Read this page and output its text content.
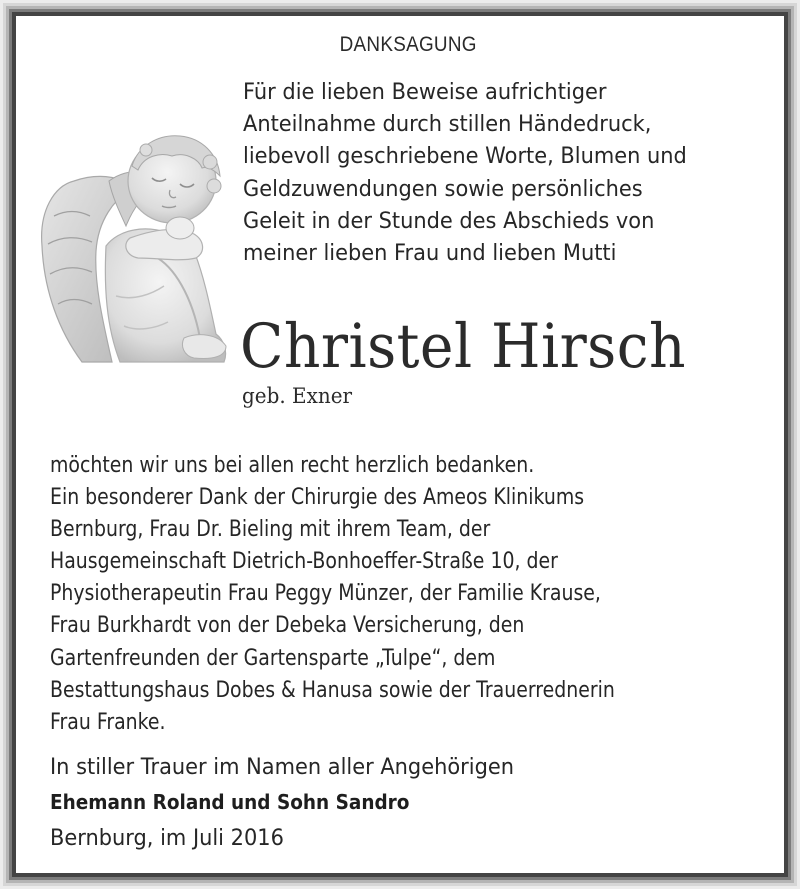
DANKSAGUNG
Für die lieben Beweise aufrichtiger
Anteilnahme durch stillen Händedruck,
liebevoll geschriebene Worte, Blumen und
Geldzuwendungen sowie persönliches
Geleit in der Stunde des Abschieds von
meiner lieben Frau und lieben Mutti
Christel Hirsch
geb. Exner
möchten wir uns bei allen recht herzlich bedanken.
Ein besonderer Dank der Chirurgie des Ameos Klinikums
Bernburg, Frau Dr. Bieling mit ihrem Team, der
Hausgemeinschaft Dietrich-Bonhoeffer-Straße 10, der
Physiotherapeutin Frau Peggy Münzer, der Familie Krause,
Frau Burkhardt von der Debeka Versicherung, den
Gartenfreunden der Gartensparte „Tulpe“, dem
Bestattungshaus Dobes & Hanusa sowie der Trauerrednerin
Frau Franke.
In stiller Trauer im Namen aller Angehörigen
Ehemann Roland und Sohn Sandro
Bernburg, im Juli 2016
